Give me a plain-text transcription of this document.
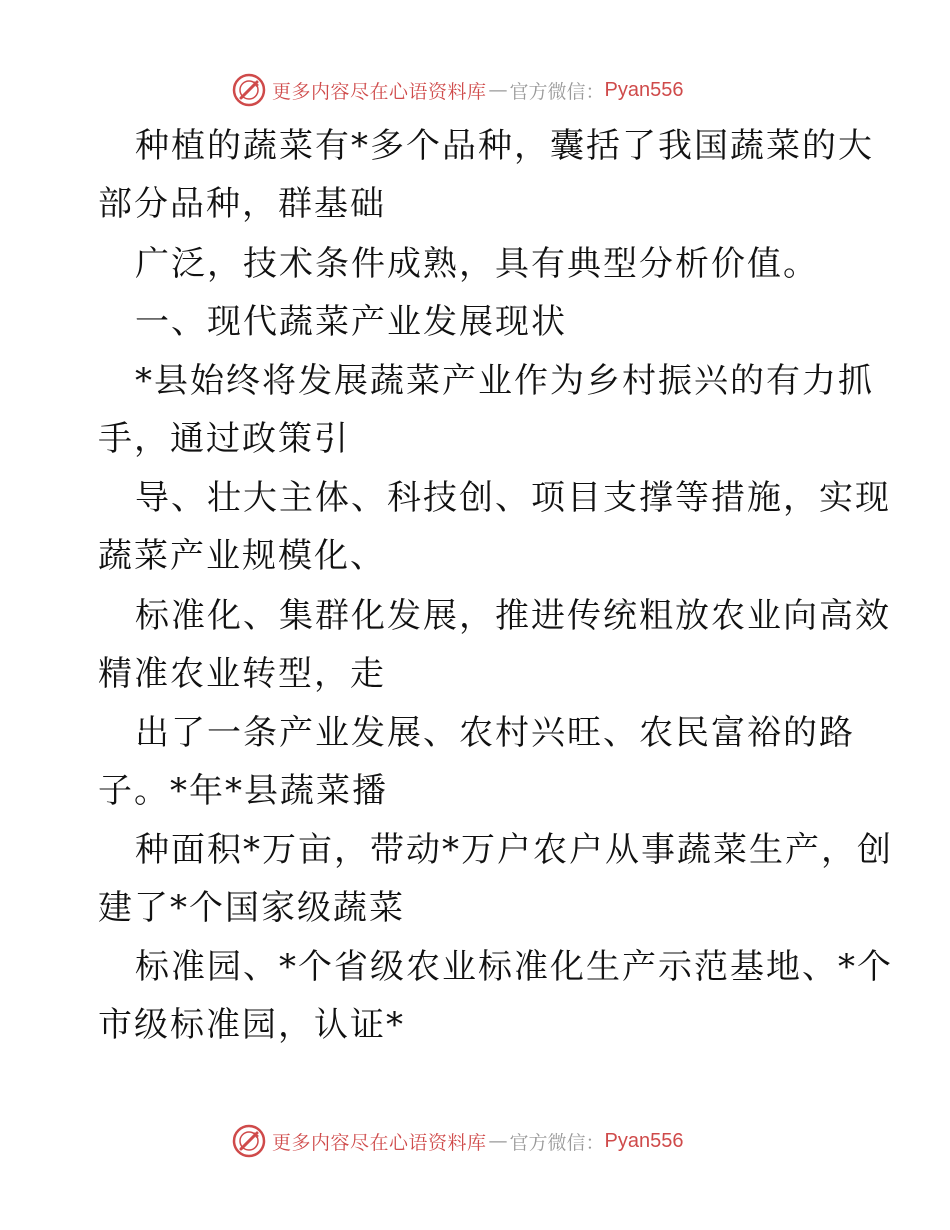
更多内容尽在心语资料库 — 官方微信： Pyan556
种植的蔬菜有*多个品种，囊括了我国蔬菜的大
部分品种，群基础
广泛，技术条件成熟，具有典型分析价值。
一、现代蔬菜产业发展现状
*县始终将发展蔬菜产业作为乡村振兴的有力抓
手，通过政策引
导、壮大主体、科技创、项目支撑等措施，实现
蔬菜产业规模化、
标准化、集群化发展，推进传统粗放农业向高效
精准农业转型，走
出了一条产业发展、农村兴旺、农民富裕的路
子。*年*县蔬菜播
种面积*万亩，带动*万户农户从事蔬菜生产，创
建了*个国家级蔬菜
标准园、*个省级农业标准化生产示范基地、*个
市级标准园，认证*
更多内容尽在心语资料库 — 官方微信： Pyan556
